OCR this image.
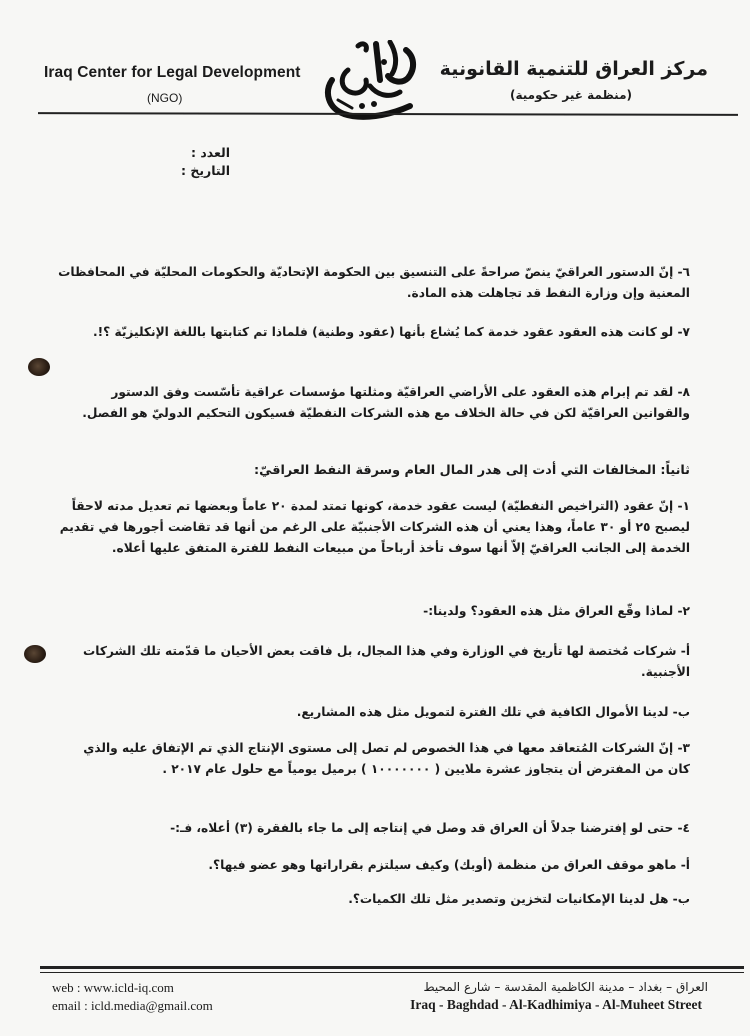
Iraq Center for Legal Development
(NGO)
مركز العراق للتنمية القانونية
(منظمة غير حكومية)
العدد :
التاريخ :

٦- إنّ الدستور العراقيّ ينصّ صراحةً على التنسيق بين الحكومة الإتحاديّة والحكومات المحليّة في المحافظات المعنية وإن وزارة النفط قد تجاهلت هذه المادة.

٧- لو كانت هذه العقود عقود خدمة كما يُشاع بأنها (عقود وطنية) فلماذا تم كتابتها باللغة الإنكليزيّة ؟!.

٨- لقد تم إبرام هذه العقود على الأراضي العراقيّة ومثلتها مؤسسات عراقية تأسّست وفق الدستور والقوانين العراقيّة لكن في حالة الخلاف مع هذه الشركات النفطيّة فسيكون التحكيم الدوليّ هو الفصل.

ثانياً: المخالفات التي أدت إلى هدر المال العام وسرقة النفط العراقيّ:

١- إنّ عقود (التراخيص النفطيّة) ليست عقود خدمة، كونها تمتد لمدة ٢٠ عاماً وبعضها تم تعديل مدته لاحقاً ليصبح ٢٥ أو ٣٠ عاماً، وهذا يعني أن هذه الشركات الأجنبيّة على الرغم من أنها قد تقاضت أجورها في تقديم الخدمة إلى الجانب العراقيّ إلاّ أنها سوف تأخذ أرباحاً من مبيعات النفط للفترة المتفق عليها أعلاه.

٢- لماذا وقّع العراق مثل هذه العقود؟ ولدينا:-

أ- شركات مُختصة لها تأريخ في الوزارة وفي هذا المجال، بل فاقت بعض الأحيان ما قدّمته تلك الشركات الأجنبية.

ب- لدينا الأموال الكافية في تلك الفترة لتمويل مثل هذه المشاريع.

٣- إنّ الشركات المُتعاقد معها في هذا الخصوص لم تصل إلى مستوى الإنتاج الذي تم الإتفاق عليه والذي كان من المفترض أن يتجاوز عشرة ملايين ( ١٠٠٠٠٠٠٠ ) برميل يومياً مع حلول عام ٢٠١٧ .

٤- حتى لو إفترضنا جدلاً أن العراق قد وصل في إنتاجه إلى ما جاء بالفقرة (٣) أعلاه، فـ:-

أ- ماهو موقف العراق من منظمة (أوبك) وكيف سيلتزم بقراراتها وهو عضو فيها؟.

ب- هل لدينا الإمكانيات لتخزين وتصدير مثل تلك الكميات؟.

web : www.icld-iq.com
email : icld.media@gmail.com
العراق – بغداد – مدينة الكاظمية المقدسة – شارع المحيط
Iraq - Baghdad - Al-Kadhimiya - Al-Muheet Street
